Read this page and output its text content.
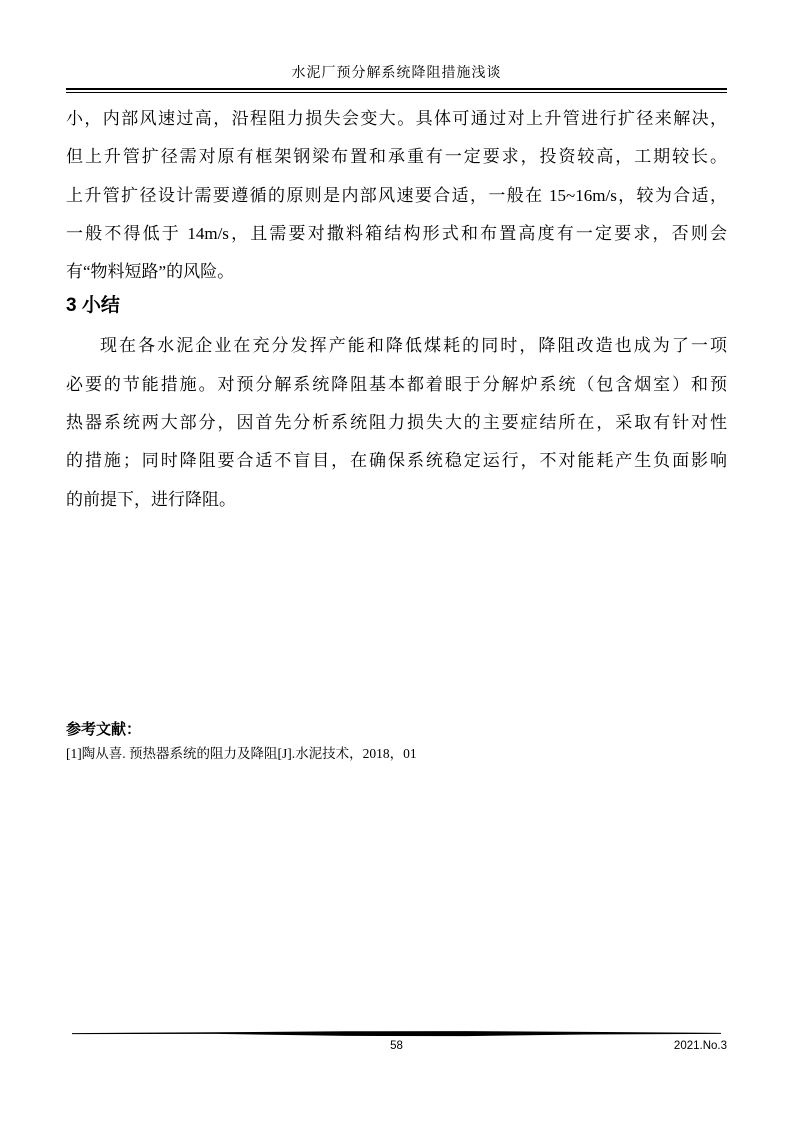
水泥厂预分解系统降阻措施浅谈
小，内部风速过高，沿程阻力损失会变大。具体可通过对上升管进行扩径来解决，
但上升管扩径需对原有框架钢梁布置和承重有一定要求，投资较高，工期较长。
上升管扩径设计需要遵循的原则是内部风速要合适，一般在 15~16m/s，较为合适，
一般不得低于 14m/s，且需要对撒料箱结构形式和布置高度有一定要求，否则会
有“物料短路”的风险。
3 小结
现在各水泥企业在充分发挥产能和降低煤耗的同时，降阻改造也成为了一项
必要的节能措施。对预分解系统降阻基本都着眼于分解炉系统（包含烟室）和预
热器系统两大部分，因首先分析系统阻力损失大的主要症结所在，采取有针对性
的措施；同时降阻要合适不盲目，在确保系统稳定运行，不对能耗产生负面影响
的前提下，进行降阻。
参考文献：
[1]陶从喜. 预热器系统的阻力及降阻[J].水泥技术，2018，01
58	2021.No.3
